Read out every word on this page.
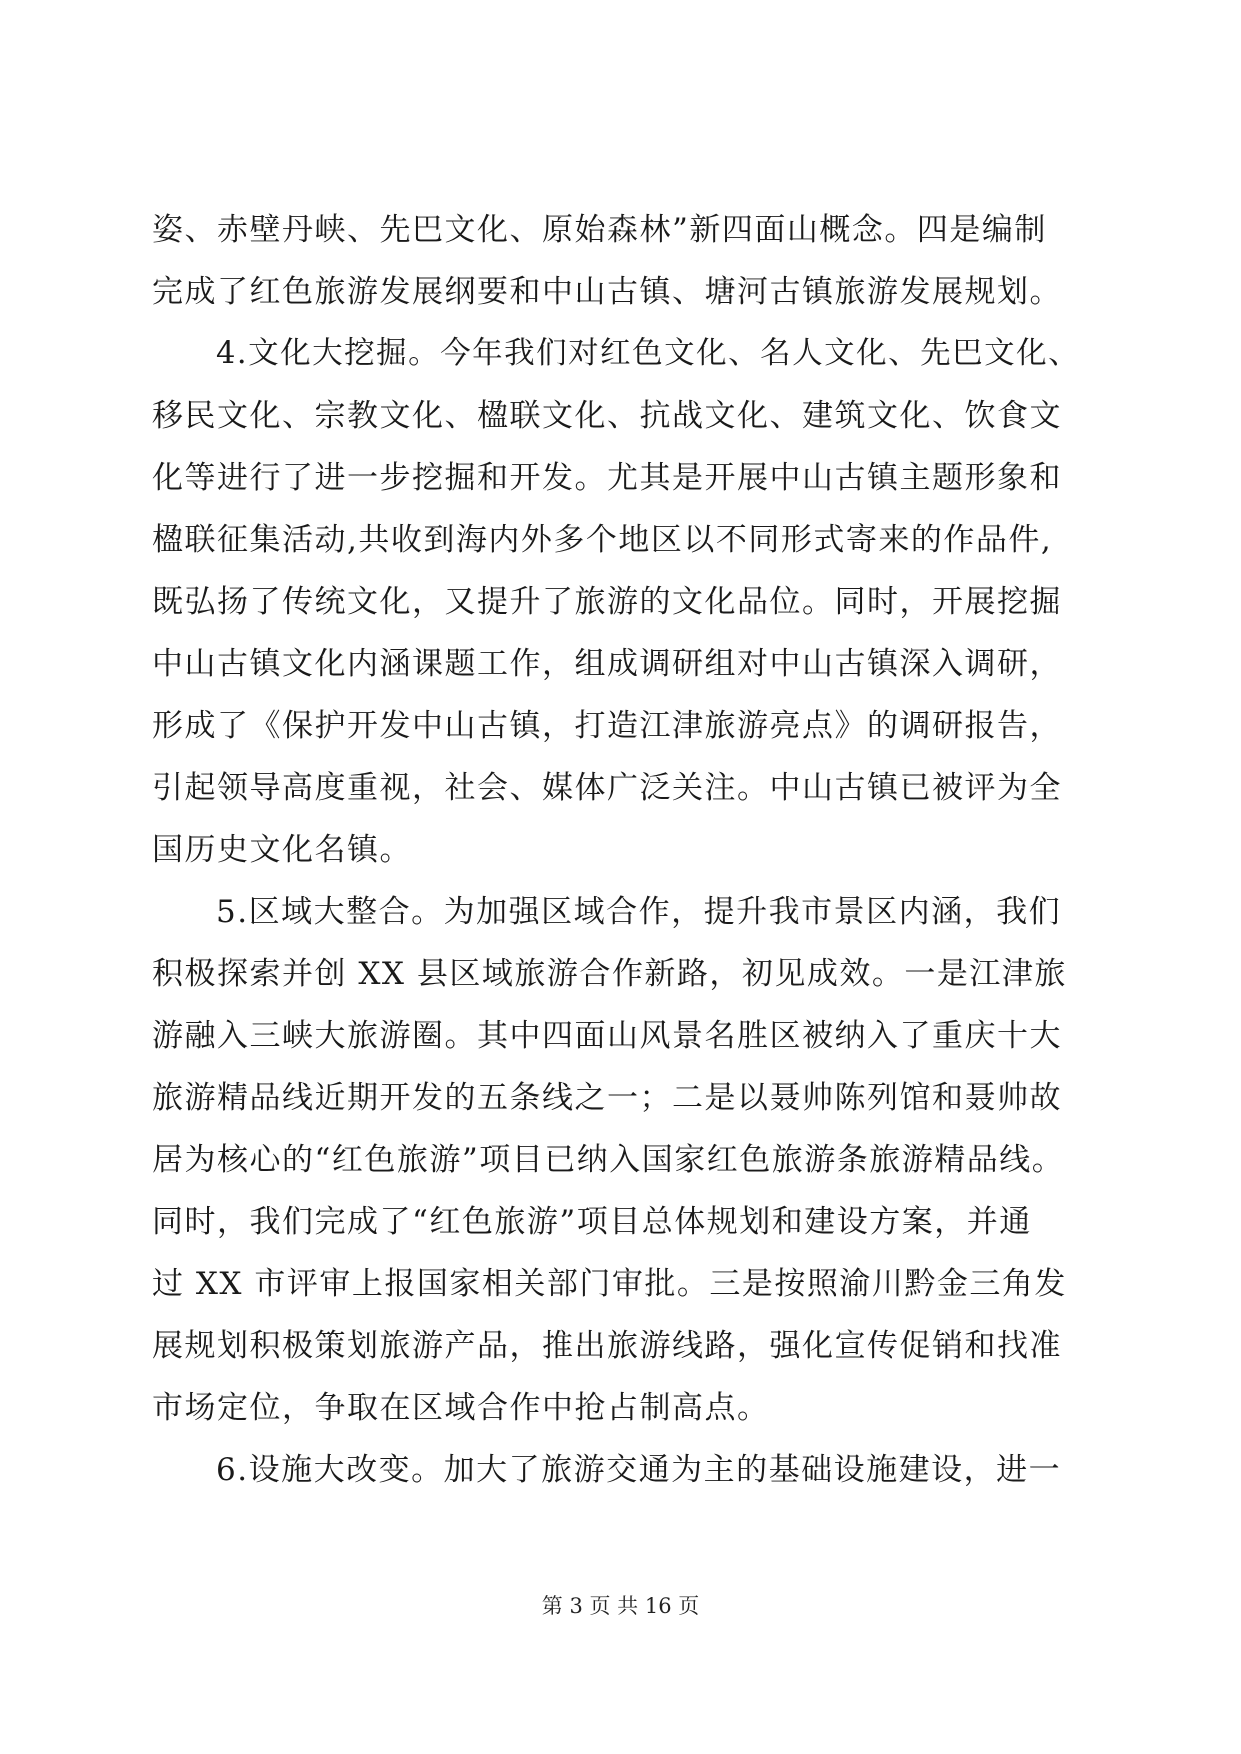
姿、赤壁丹峡、先巴文化、原始森林”新四面山概念。四是编制
完成了红色旅游发展纲要和中山古镇、塘河古镇旅游发展规划。
4.文化大挖掘。今年我们对红色文化、名人文化、先巴文化、
移民文化、宗教文化、楹联文化、抗战文化、建筑文化、饮食文
化等进行了进一步挖掘和开发。尤其是开展中山古镇主题形象和
楹联征集活动,共收到海内外多个地区以不同形式寄来的作品件,
既弘扬了传统文化，又提升了旅游的文化品位。同时，开展挖掘
中山古镇文化内涵课题工作，组成调研组对中山古镇深入调研，
形成了《保护开发中山古镇，打造江津旅游亮点》的调研报告，
引起领导高度重视，社会、媒体广泛关注。中山古镇已被评为全
国历史文化名镇。
5.区域大整合。为加强区域合作，提升我市景区内涵，我们
积极探索并创 XX 县区域旅游合作新路，初见成效。一是江津旅
游融入三峡大旅游圈。其中四面山风景名胜区被纳入了重庆十大
旅游精品线近期开发的五条线之一；二是以聂帅陈列馆和聂帅故
居为核心的“红色旅游”项目已纳入国家红色旅游条旅游精品线。
同时，我们完成了“红色旅游”项目总体规划和建设方案，并通
过 XX 市评审上报国家相关部门审批。三是按照渝川黔金三角发
展规划积极策划旅游产品，推出旅游线路，强化宣传促销和找准
市场定位，争取在区域合作中抢占制高点。
6.设施大改变。加大了旅游交通为主的基础设施建设，进一
第 3 页 共 16 页
